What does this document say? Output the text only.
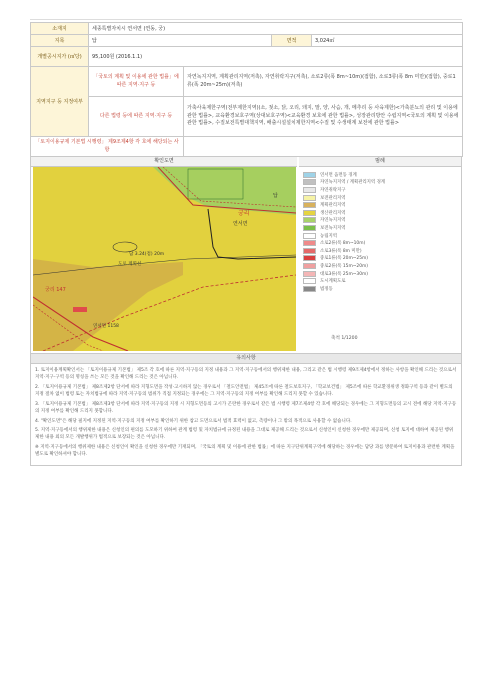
소재지	세종특별자치시 연서면 (연동, 궁)			
지목	답		면적	3,024㎡
개별공시지가 (㎡당)	95,100원 (2016.1.1)			
지역지구 등 지정여부	「국토의 계획 및 이용에 관한 법률」에 따른 지역·지구 등	자연녹지지역, 계획관리지역(저촉), 자연취락지구(저촉), 소로2류(폭 8m~10m)(접함), 소로3류(폭 8m 미만)(접함), 중로1류(폭 20m~25m)(저촉)		
	다른 법령 등에 따른 지역·지구 등	가축사육제한구역(전부제한지역)(소, 젖소, 닭, 오리, 돼지, 말, 양, 사슴, 개, 메추리 등 사육제한)<가축분뇨의 관리 및 이용에 관한 법률>, 교육환경보호구역(상대보호구역)<교육환경 보호에 관한 법률>, 성장관리방안 수립지역<국토의 계획 및 이용에 관한 법률>, 수질보전특별대책지역, 배출시설설치제한지역<수질 및 수생태계 보전에 관한 법률>		
「토지이용규제 기본법 시행령」 제9조제4항 각 호에 해당되는 사항				
확인도면	범례
궁리
연서면
답 3.24(점) 20m
도로 계획선
답
궁리 147
연서면 1158
연서면 읍면동 경계
자연녹지지역 / 계획관리지역 경계
자연취락지구
보전관리지역
계획관리지역
생산관리지역
자연녹지지역
보전녹지지역
농림지역
소로2류(폭 8m~10m)
소로3류(폭 8m 미만)
중로1류(폭 20m~25m)
중로2류(폭 15m~20m)
대로3류(폭 25m~30m)
도시계획도로
법정동
축척 1/1200
유의사항
1. 토지이용계획확인서는 「토지이용규제 기본법」 제5조 각 호에 따른 지역·지구등의 지정 내용과 그 지역·지구등에서의 행위제한 내용, 그리고 같은 법 시행령 제9조제4항에서 정하는 사항을 확인해 드리는 것으로서 지역·지구·구역 등의 명칭을 쓰는 모든 것을 확인해 드리는 것은 아닙니다.
2. 「토지이용규제 기본법」 제8조제2항 단서에 따라 지형도면을 작성·고시하지 않는 경우로서 「철도안전법」 제45조에 따른 철도보호지구, 「학교보건법」 제5조에 따른 학교환경위생 정화구역 등과 같이 별도의 지정 절차 없이 법령 또는 자치법규에 따라 지역·지구등의 범위가 직접 지정되는 경우에는 그 지역·지구등의 지정 여부를 확인해 드리지 못할 수 있습니다.
3. 「토지이용규제 기본법」 제8조제3항 단서에 따라 지역·지구등의 지정 시 지형도면등의 고시가 곤란한 경우로서 같은 법 시행령 제7조제4항 각 호에 해당되는 경우에는 그 지형도면등의 고시 전에 해당 지역·지구등의 지정 여부를 확인해 드리지 못합니다.
4. "확인도면"은 해당 필지에 지정된 지역·지구등의 지정 여부를 확인하기 위한 참고 도면으로서 법적 효력이 없고, 측량이나 그 밖의 목적으로 사용할 수 없습니다.
5. 지역·지구등에서의 행위제한 내용은 신청인의 편의를 도모하기 위하여 관계 법령 및 자치법규에 규정된 내용을 그대로 제공해 드리는 것으로서 신청인이 신청한 경우에만 제공되며, 신청 토지에 대하여 제공된 행위제한 내용 외의 모든 개발행위가 법적으로 보장되는 것은 아닙니다.
※ 지역·지구등에서의 행위제한 내용은 신청인이 확인을 신청한 경우에만 기재되며, 「국토의 계획 및 이용에 관한 법률」에 따른 지구단위계획구역에 해당하는 경우에는 담당 과를 방문하여 토지이용과 관련한 계획을 별도로 확인하셔야 합니다.
